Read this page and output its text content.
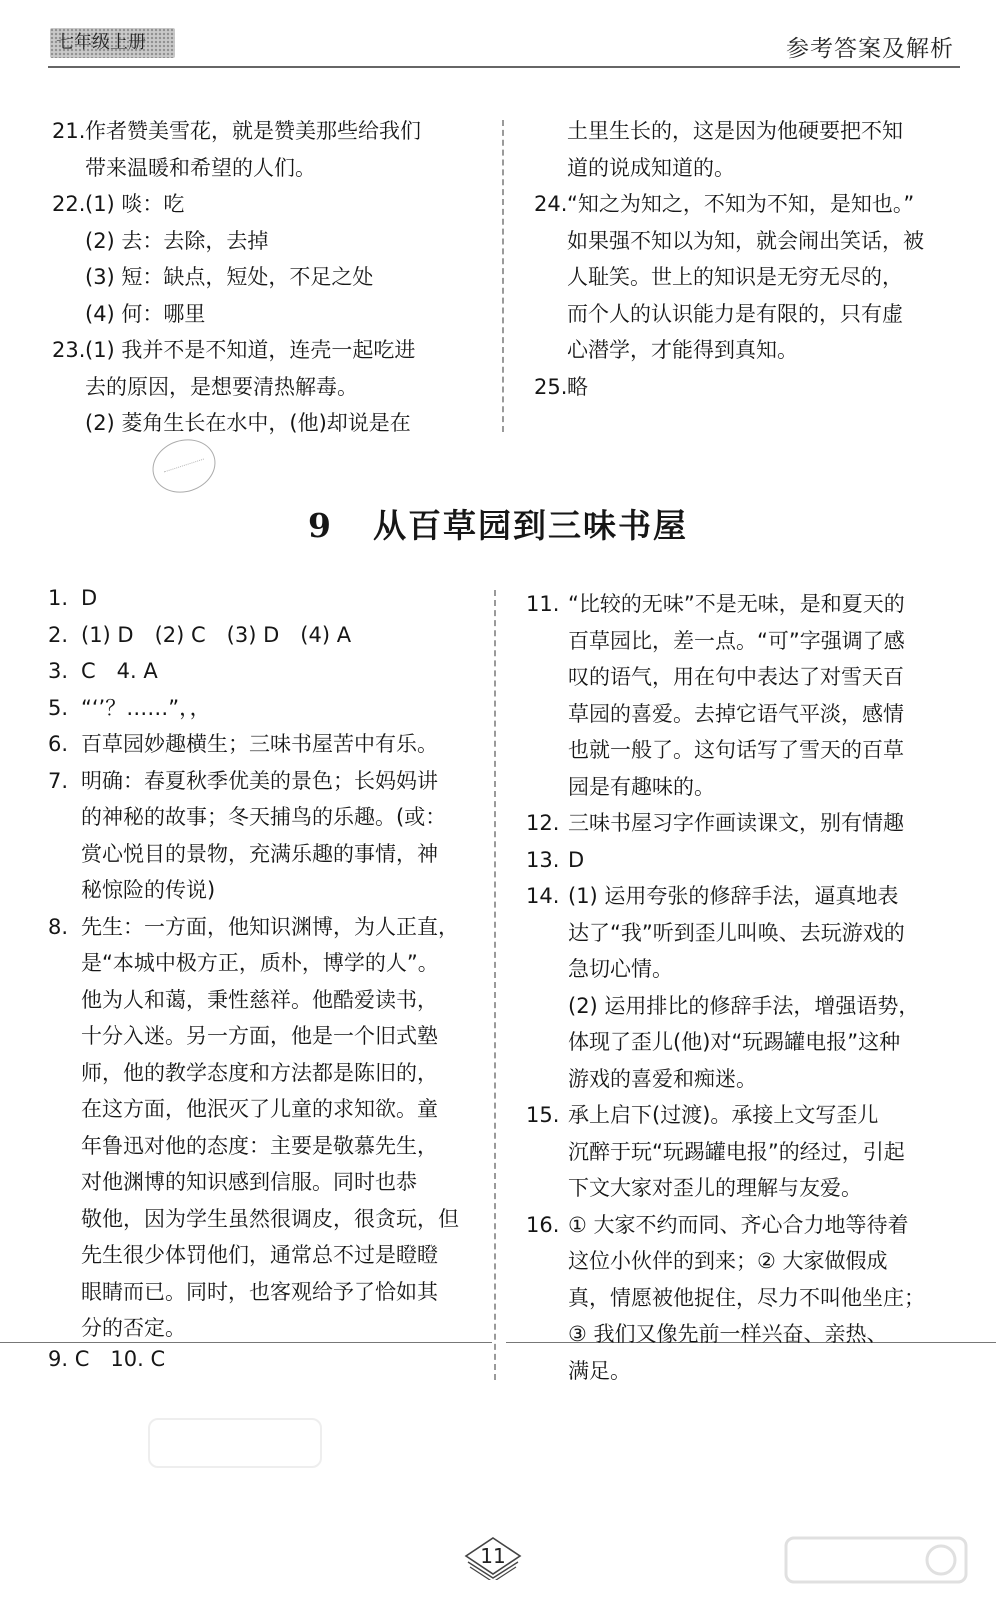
七年级上册	参考答案及解析
21. 作者赞美雪花，就是赞美那些给我们
带来温暖和希望的人们。
22. (1) 啖：吃
(2) 去：去除，去掉
(3) 短：缺点，短处，不足之处
(4) 何：哪里
23. (1) 我并不是不知道，连壳一起吃进
去的原因，是想要清热解毒。
(2) 菱角生长在水中，(他)却说是在
土里生长的，这是因为他硬要把不知
道的说成知道的。
24. “知之为知之，不知为不知，是知也。”
如果强不知以为知，就会闹出笑话，被
人耻笑。世上的知识是无穷无尽的，
而个人的认识能力是有限的，只有虚
心潜学，才能得到真知。
25. 略
9 从百草园到三味书屋
1. D
2. (1) D　(2) C　(3) D　(4) A
3. C　4. A
5. “‘’？……”，，
6. 百草园妙趣横生；三味书屋苦中有乐。
7. 明确：春夏秋季优美的景色；长妈妈讲
的神秘的故事；冬天捕鸟的乐趣。(或：
赏心悦目的景物，充满乐趣的事情，神
秘惊险的传说)
8. 先生：一方面，他知识渊博，为人正直，
是“本城中极方正，质朴，博学的人”。
他为人和蔼，秉性慈祥。他酷爱读书，
十分入迷。另一方面，他是一个旧式塾
师，他的教学态度和方法都是陈旧的，
在这方面，他泯灭了儿童的求知欲。童
年鲁迅对他的态度：主要是敬慕先生，
对他渊博的知识感到信服。同时也恭
敬他，因为学生虽然很调皮，很贪玩，但
先生很少体罚他们，通常总不过是瞪瞪
眼睛而已。同时，也客观给予了恰如其
分的否定。
9. C　10. C
11. “比较的无味”不是无味，是和夏天的
百草园比，差一点。“可”字强调了感
叹的语气，用在句中表达了对雪天百
草园的喜爱。去掉它语气平淡，感情
也就一般了。这句话写了雪天的百草
园是有趣味的。
12. 三味书屋习字作画读课文，别有情趣
13. D
14. (1) 运用夸张的修辞手法，逼真地表
达了“我”听到歪儿叫唤、去玩游戏的
急切心情。
(2) 运用排比的修辞手法，增强语势，
体现了歪儿(他)对“玩踢罐电报”这种
游戏的喜爱和痴迷。
15. 承上启下(过渡)。承接上文写歪儿
沉醉于玩“玩踢罐电报”的经过，引起
下文大家对歪儿的理解与友爱。
16. ① 大家不约而同、齐心合力地等待着
这位小伙伴的到来；② 大家做假成
真，情愿被他捉住，尽力不叫他坐庄；
③ 我们又像先前一样兴奋、亲热、
满足。
11
